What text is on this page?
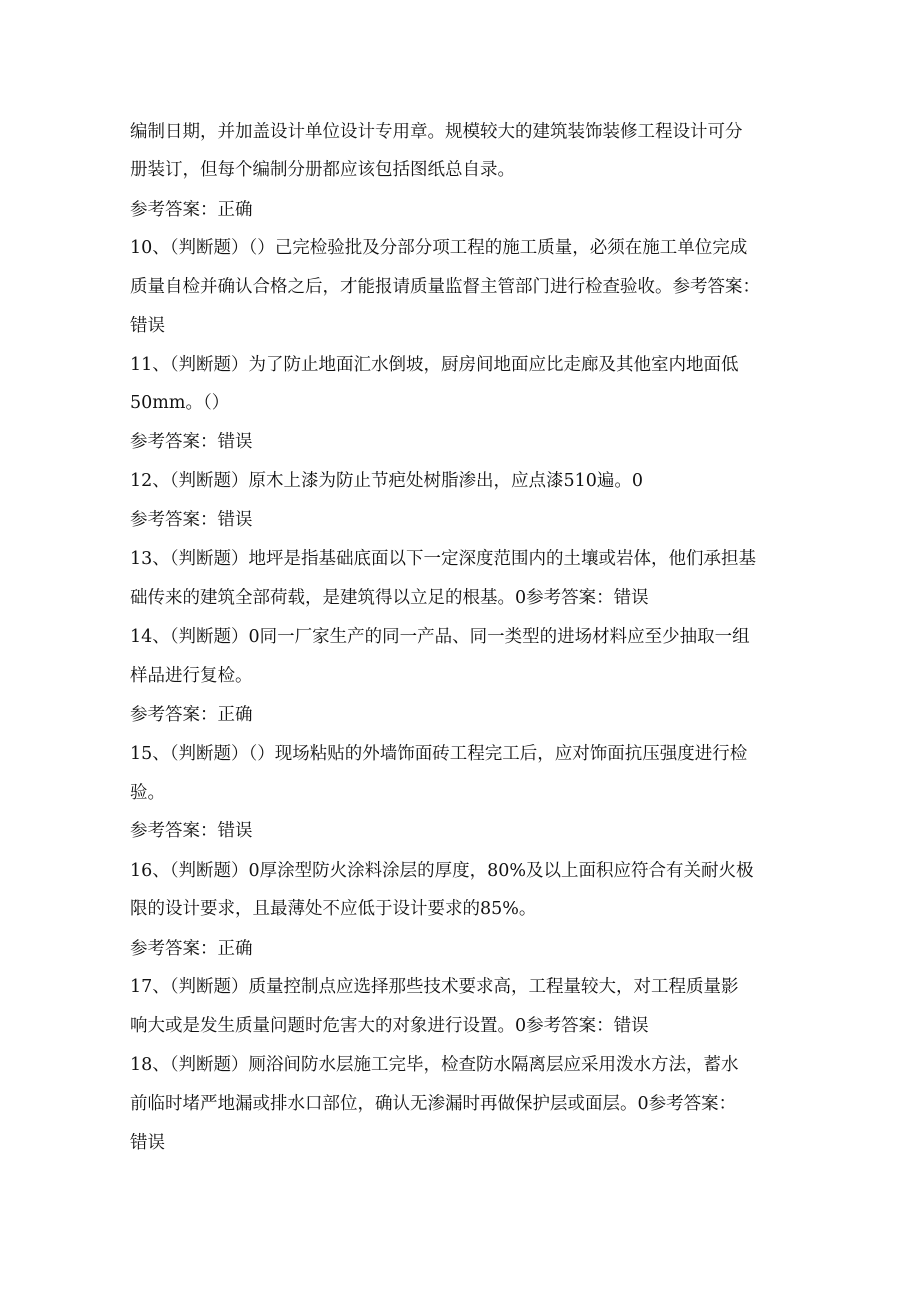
编制日期，并加盖设计单位设计专用章。规模较大的建筑装饰装修工程设计可分

册装订，但每个编制分册都应该包括图纸总自录。

参考答案：正确

10、（判断题）（）己完检验批及分部分项工程的施工质量，必须在施工单位完成

质量自检并确认合格之后，才能报请质量监督主管部门进行检查验收。参考答案：

错误

11、（判断题）为了防止地面汇水倒坡，厨房间地面应比走廊及其他室内地面低

50mm。（）

参考答案：错误

12、（判断题）原木上漆为防止节疤处树脂渗出，应点漆510遍。0

参考答案：错误

13、（判断题）地坪是指基础底面以下一定深度范围内的土壤或岩体，他们承担基

础传来的建筑全部荷载，是建筑得以立足的根基。0参考答案：错误

14、（判断题）0同一厂家生产的同一产品、同一类型的进场材料应至少抽取一组

样品进行复检。

参考答案：正确

15、（判断题）（）现场粘贴的外墙饰面砖工程完工后，应对饰面抗压强度进行检

验。

参考答案：错误

16、（判断题）0厚涂型防火涂料涂层的厚度，80%及以上面积应符合有关耐火极

限的设计要求，且最薄处不应低于设计要求的85%。

参考答案：正确

17、（判断题）质量控制点应选择那些技术要求高，工程量较大，对工程质量影

响大或是发生质量问题时危害大的对象进行设置。0参考答案：错误

18、（判断题）厕浴间防水层施工完毕，检查防水隔离层应采用泼水方法，蓄水

前临时堵严地漏或排水口部位，确认无渗漏时再做保护层或面层。0参考答案：

错误
